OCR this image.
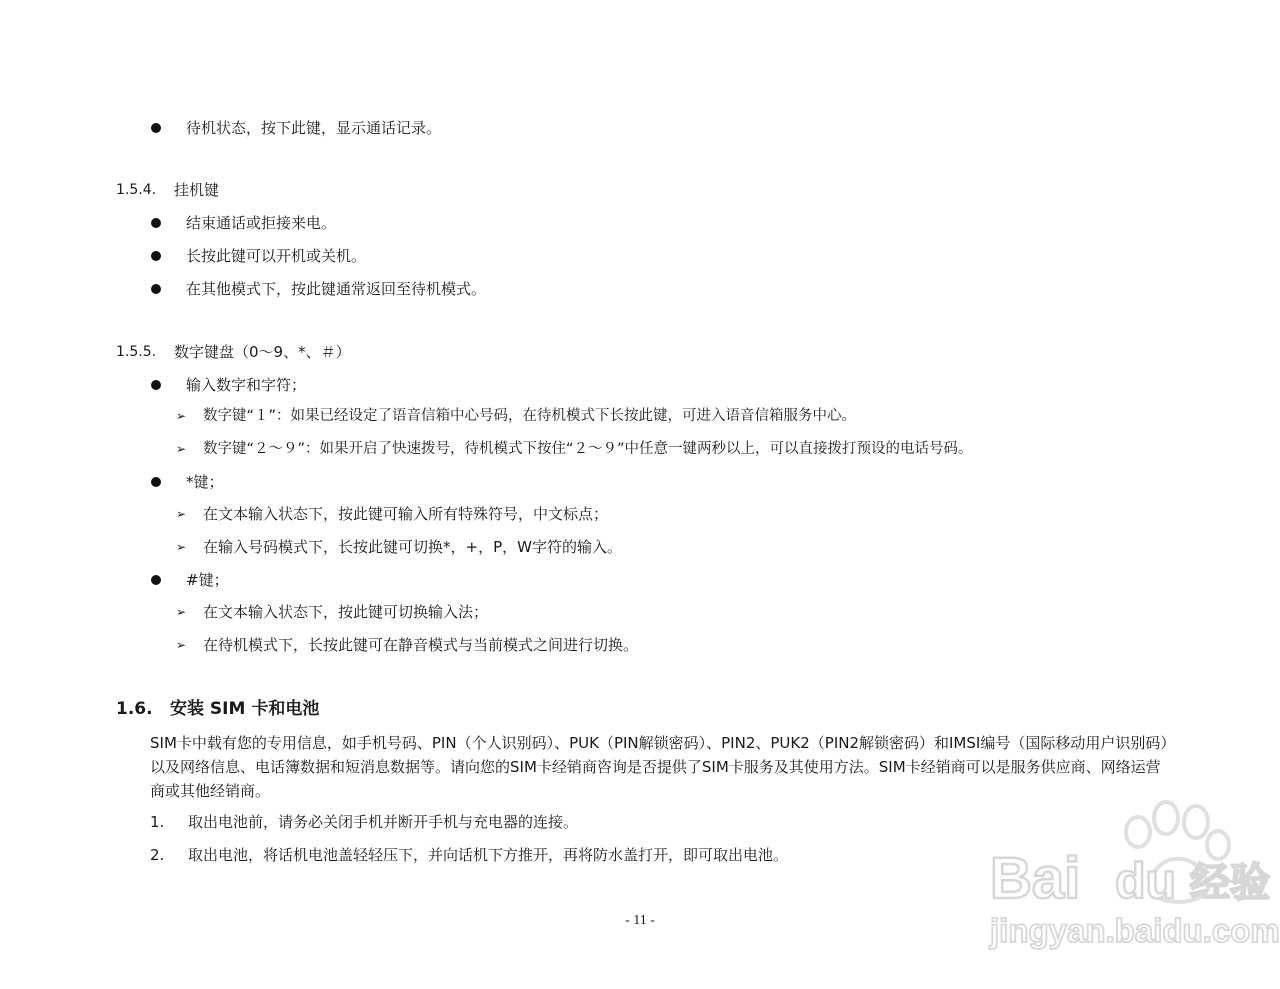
待机状态，按下此键，显示通话记录。
1.5.4. 挂机键
结束通话或拒接来电。
长按此键可以开机或关机。
在其他模式下，按此键通常返回至待机模式。
1.5.5. 数字键盘（0～9、*、＃）
输入数字和字符；
➢ 数字键“１”：如果已经设定了语音信箱中心号码，在待机模式下长按此键，可进入语音信箱服务中心。
➢ 数字键“２～９”：如果开启了快速拨号，待机模式下按住“２～９”中任意一键两秒以上，可以直接拨打预设的电话号码。
*键；
➢ 在文本输入状态下，按此键可输入所有特殊符号，中文标点；
➢ 在输入号码模式下，长按此键可切换*，+，P，W字符的输入。
#键；
➢ 在文本输入状态下，按此键可切换输入法；
➢ 在待机模式下，长按此键可在静音模式与当前模式之间进行切换。
1.6. 安装 SIM 卡和电池
SIM卡中载有您的专用信息，如手机号码、PIN（个人识别码）、PUK（PIN解锁密码）、PIN2、PUK2（PIN2解锁密码）和IMSI编号（国际移动用户识别码）以及网络信息、电话簿数据和短消息数据等。请向您的SIM卡经销商咨询是否提供了SIM卡服务及其使用方法。SIM卡经销商可以是服务供应商、网络运营商或其他经销商。
1. 取出电池前，请务必关闭手机并断开手机与充电器的连接。
2. 取出电池，将话机电池盖轻轻压下，并向话机下方推开，再将防水盖打开，即可取出电池。
- 11 -
Bai du 经验
jingyan.baidu.com
